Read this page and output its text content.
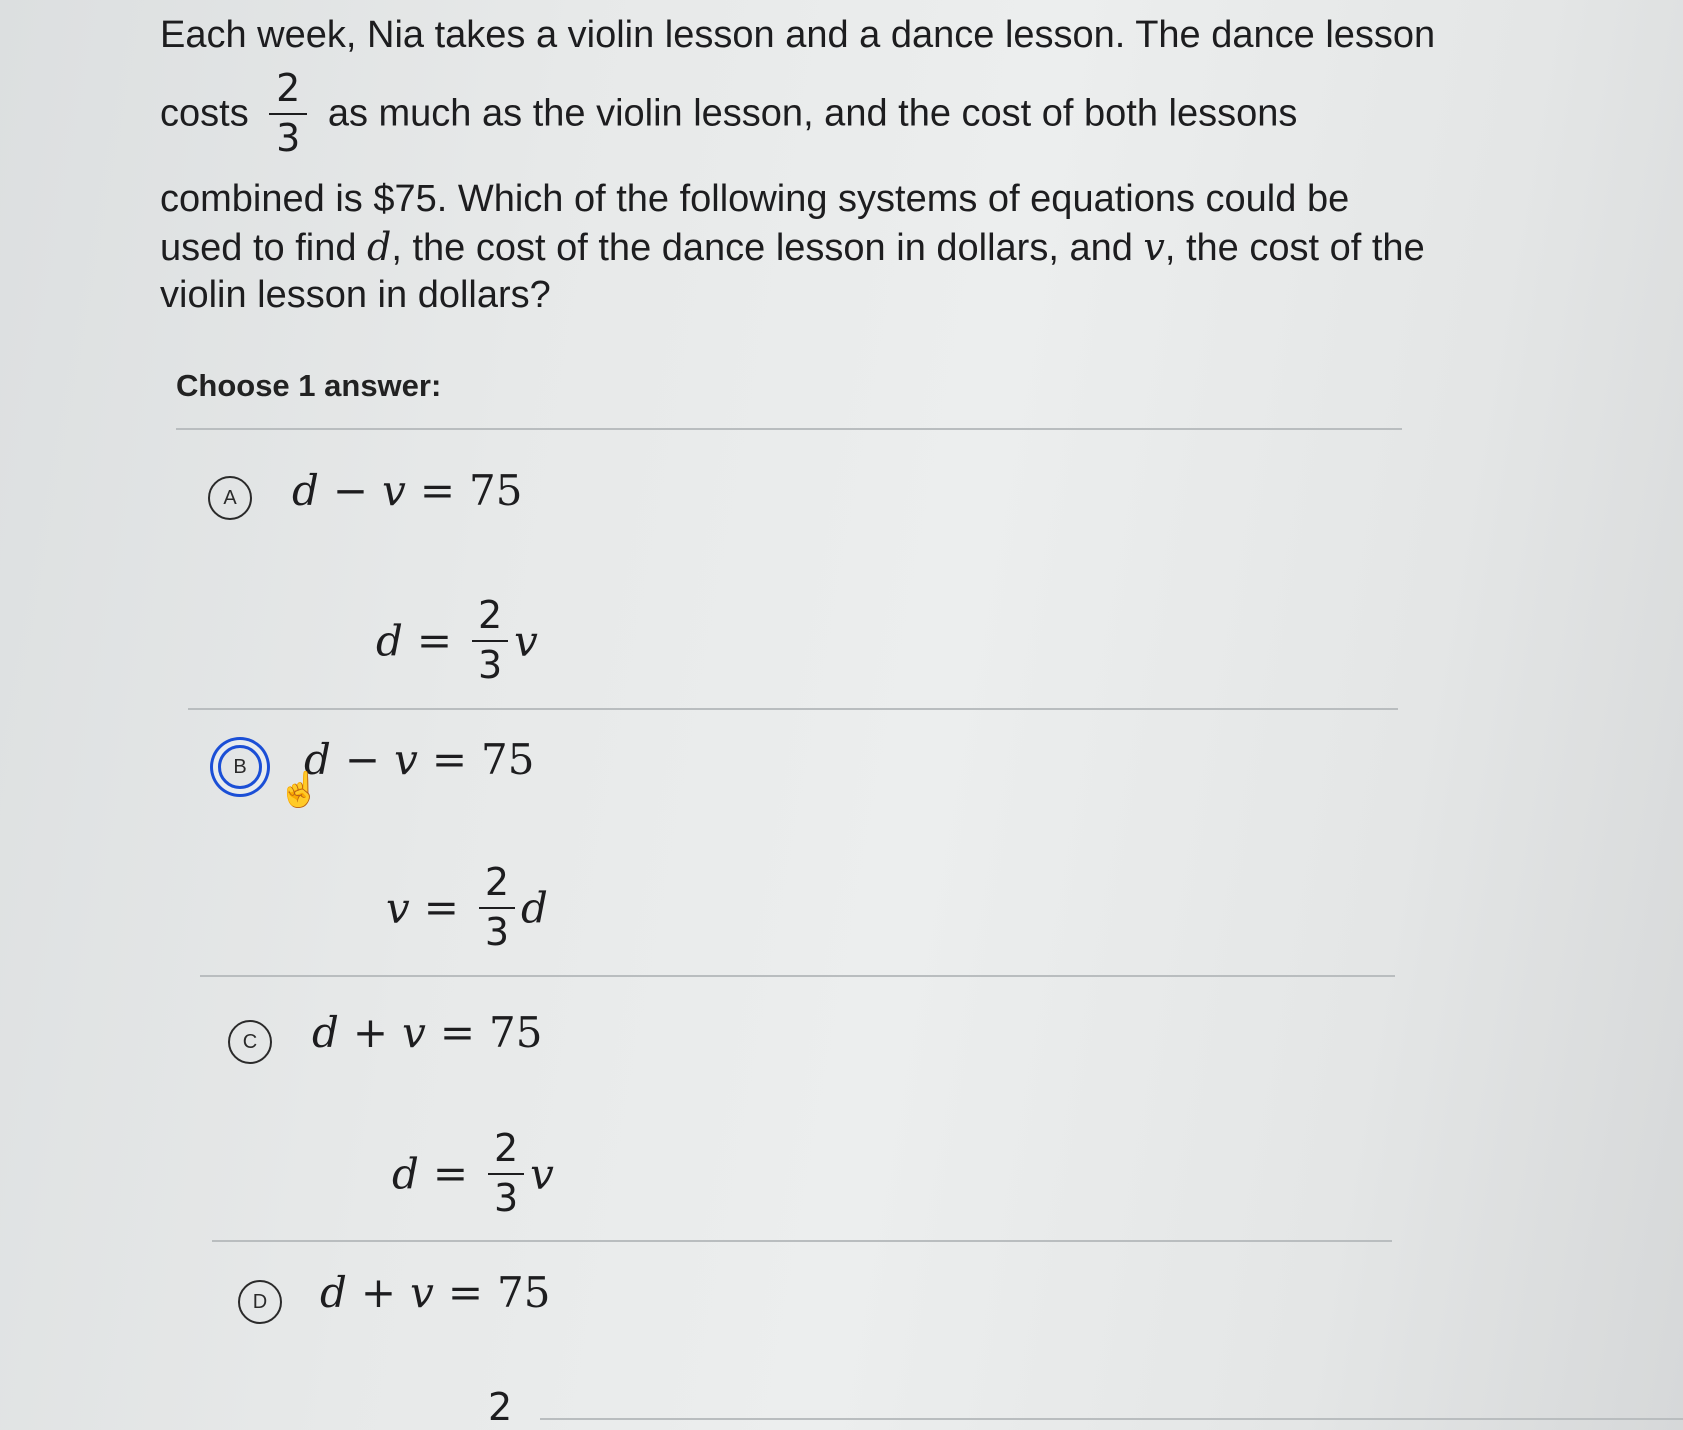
Each week, Nia takes a violin lesson and a dance lesson. The dance lesson
costs $\frac{2}{3}$ as much as the violin lesson, and the cost of both lessons
combined is $75. Which of the following systems of equations could be
used to find d, the cost of the dance lesson in dollars, and v, the cost of the
violin lesson in dollars?
Choose 1 answer:
A	d − v = 75
$d = \frac{2}{3}$ v
B	d − v = 75
$v = \frac{2}{3}$ d
C	d + v = 75
$d = \frac{2}{3}$ v
D	d + v = 75
2
☝
